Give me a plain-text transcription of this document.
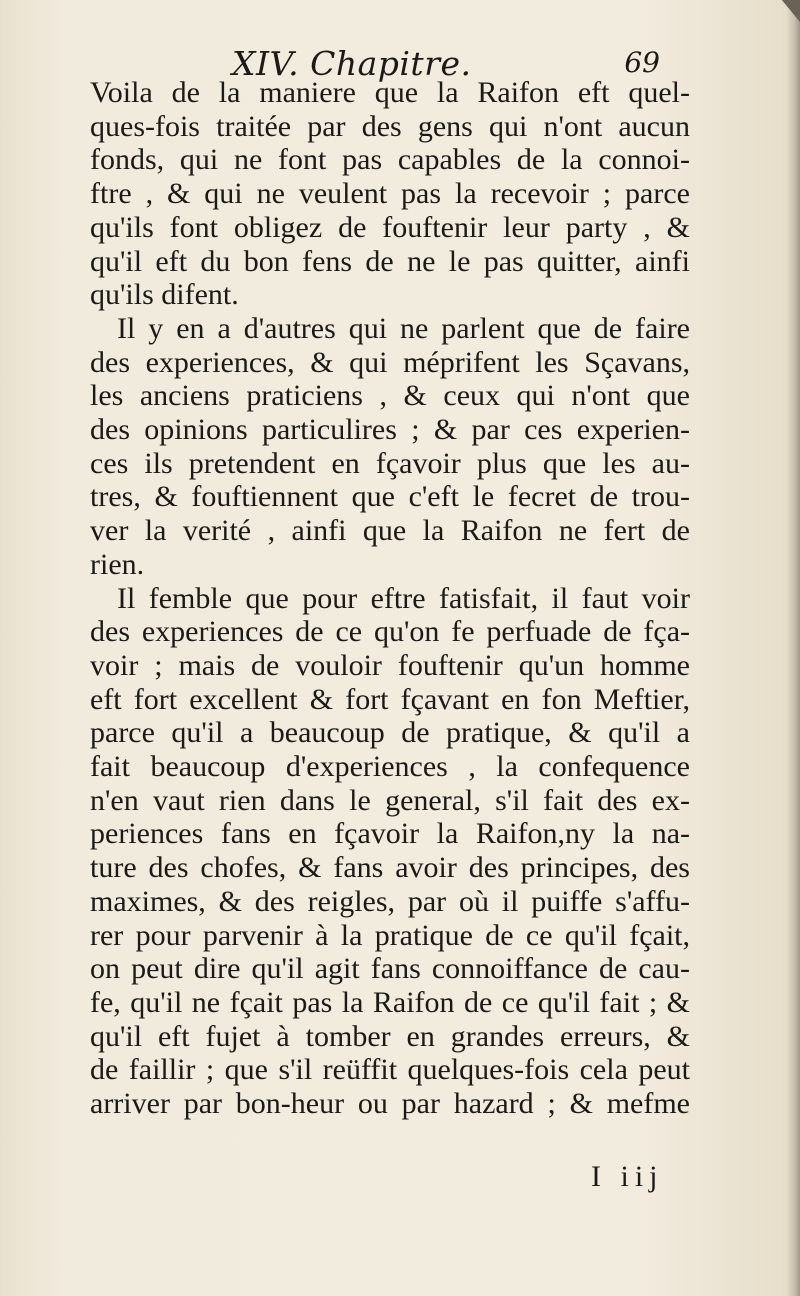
XIV. Chapitre.	69
Voila de la maniere que la Raifon eft quel-
ques-fois traitée par des gens qui n'ont aucun
fonds, qui ne font pas capables de la connoi-
ftre , & qui ne veulent pas la recevoir ; parce
qu'ils font obligez de fouftenir leur party , &
qu'il eft du bon fens de ne le pas quitter, ainfi
qu'ils difent.
Il y en a d'autres qui ne parlent que de faire
des experiences, & qui méprifent les Sçavans,
les anciens praticiens , & ceux qui n'ont que
des opinions particulires ; & par ces experien-
ces ils pretendent en fçavoir plus que les au-
tres, & fouftiennent que c'eft le fecret de trou-
ver la verité , ainfi que la Raifon ne fert de
rien.
Il femble que pour eftre fatisfait, il faut voir
des experiences de ce qu'on fe perfuade de fça-
voir ; mais de vouloir fouftenir qu'un homme
eft fort excellent & fort fçavant en fon Meftier,
parce qu'il a beaucoup de pratique, & qu'il a
fait beaucoup d'experiences , la confequence
n'en vaut rien dans le general, s'il fait des ex-
periences fans en fçavoir la Raifon,ny la na-
ture des chofes, & fans avoir des principes, des
maximes, & des reigles, par où il puiffe s'affu-
rer pour parvenir à la pratique de ce qu'il fçait,
on peut dire qu'il agit fans connoiffance de cau-
fe, qu'il ne fçait pas la Raifon de ce qu'il fait ; &
qu'il eft fujet à tomber en grandes erreurs, &
de faillir ; que s'il reüffit quelques-fois cela peut
arriver par bon-heur ou par hazard ; & mefme
I iij
